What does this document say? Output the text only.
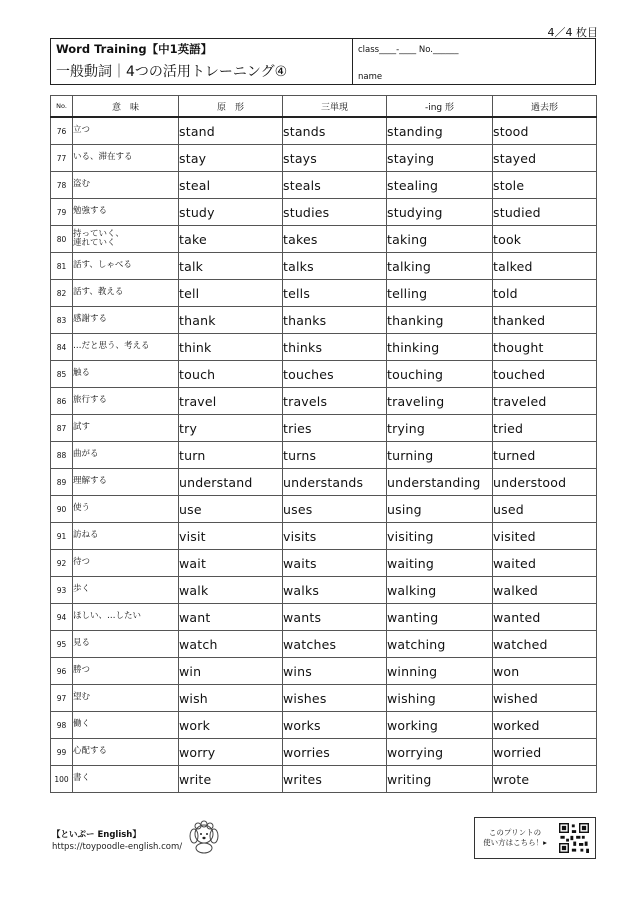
4／4 枚目
Word Training【中1英語】
一般動詞｜4つの活用トレーニング④
class____-____ No.______
name
No.	意　味	原　形	三単現	-ing 形	過去形
76	立つ	stand	stands	standing	stood
77	いる、滞在する	stay	stays	staying	stayed
78	盗む	steal	steals	stealing	stole
79	勉強する	study	studies	studying	studied
80	持っていく、
連れていく	take	takes	taking	took
81	話す、しゃべる	talk	talks	talking	talked
82	話す、教える	tell	tells	telling	told
83	感謝する	thank	thanks	thanking	thanked
84	…だと思う、考える	think	thinks	thinking	thought
85	触る	touch	touches	touching	touched
86	旅行する	travel	travels	traveling	traveled
87	試す	try	tries	trying	tried
88	曲がる	turn	turns	turning	turned
89	理解する	understand	understands	understanding	understood
90	使う	use	uses	using	used
91	訪ねる	visit	visits	visiting	visited
92	待つ	wait	waits	waiting	waited
93	歩く	walk	walks	walking	walked
94	ほしい、…したい	want	wants	wanting	wanted
95	見る	watch	watches	watching	watched
96	勝つ	win	wins	winning	won
97	望む	wish	wishes	wishing	wished
98	働く	work	works	working	worked
99	心配する	worry	worries	worrying	worried
100	書く	write	writes	writing	wrote
【といぷー English】
https://toypoodle-english.com/
このプリントの
使い方はこちら！▸
